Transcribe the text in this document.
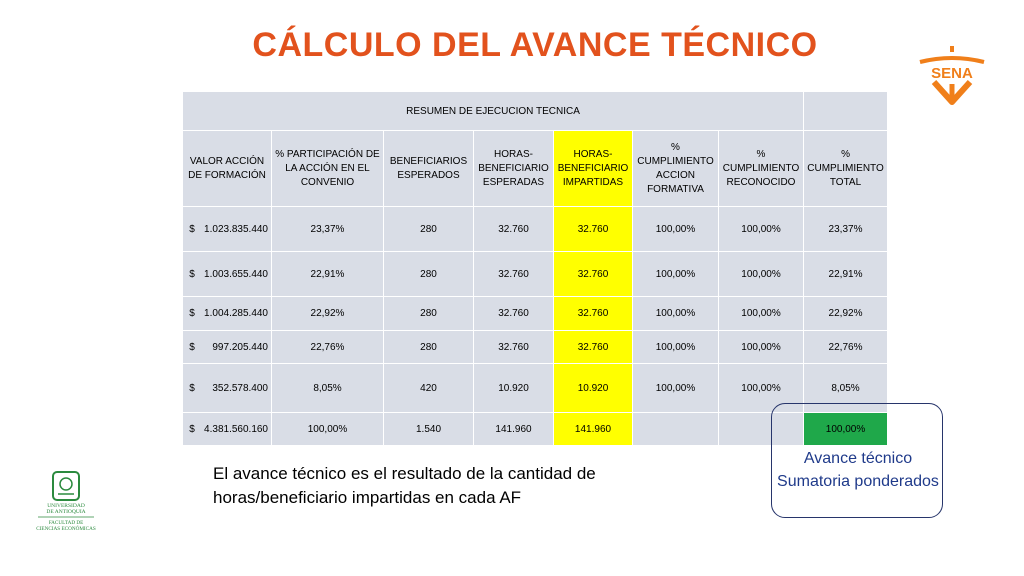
CÁLCULO DEL AVANCE TÉCNICO
SENA
RESUMEN DE EJECUCION TECNICA							
VALOR ACCIÓN DE FORMACIÓN	% PARTICIPACIÓN DE LA ACCIÓN EN EL CONVENIO	BENEFICIARIOS ESPERADOS	HORAS-BENEFICIARIO ESPERADAS	HORAS-BENEFICIARIO IMPARTIDAS	% CUMPLIMIENTO ACCION FORMATIVA	% CUMPLIMIENTO RECONOCIDO	% CUMPLIMIENTO TOTAL
$ 1.023.835.440	23,37%	280	32.760	32.760	100,00%	100,00%	23,37%
$ 1.003.655.440	22,91%	280	32.760	32.760	100,00%	100,00%	22,91%
$ 1.004.285.440	22,92%	280	32.760	32.760	100,00%	100,00%	22,92%
$ 997.205.440	22,76%	280	32.760	32.760	100,00%	100,00%	22,76%
$ 352.578.400	8,05%	420	10.920	10.920	100,00%	100,00%	8,05%
$ 4.381.560.160	100,00%	1.540	141.960	141.960			100,00%
El avance técnico es el resultado de la cantidad de horas/beneficiario impartidas en cada AF
Avance técnico
Sumatoria ponderados
UNIVERSIDAD
DE ANTIOQUIA
FACULTAD DE
CIENCIAS ECONÓMICAS
